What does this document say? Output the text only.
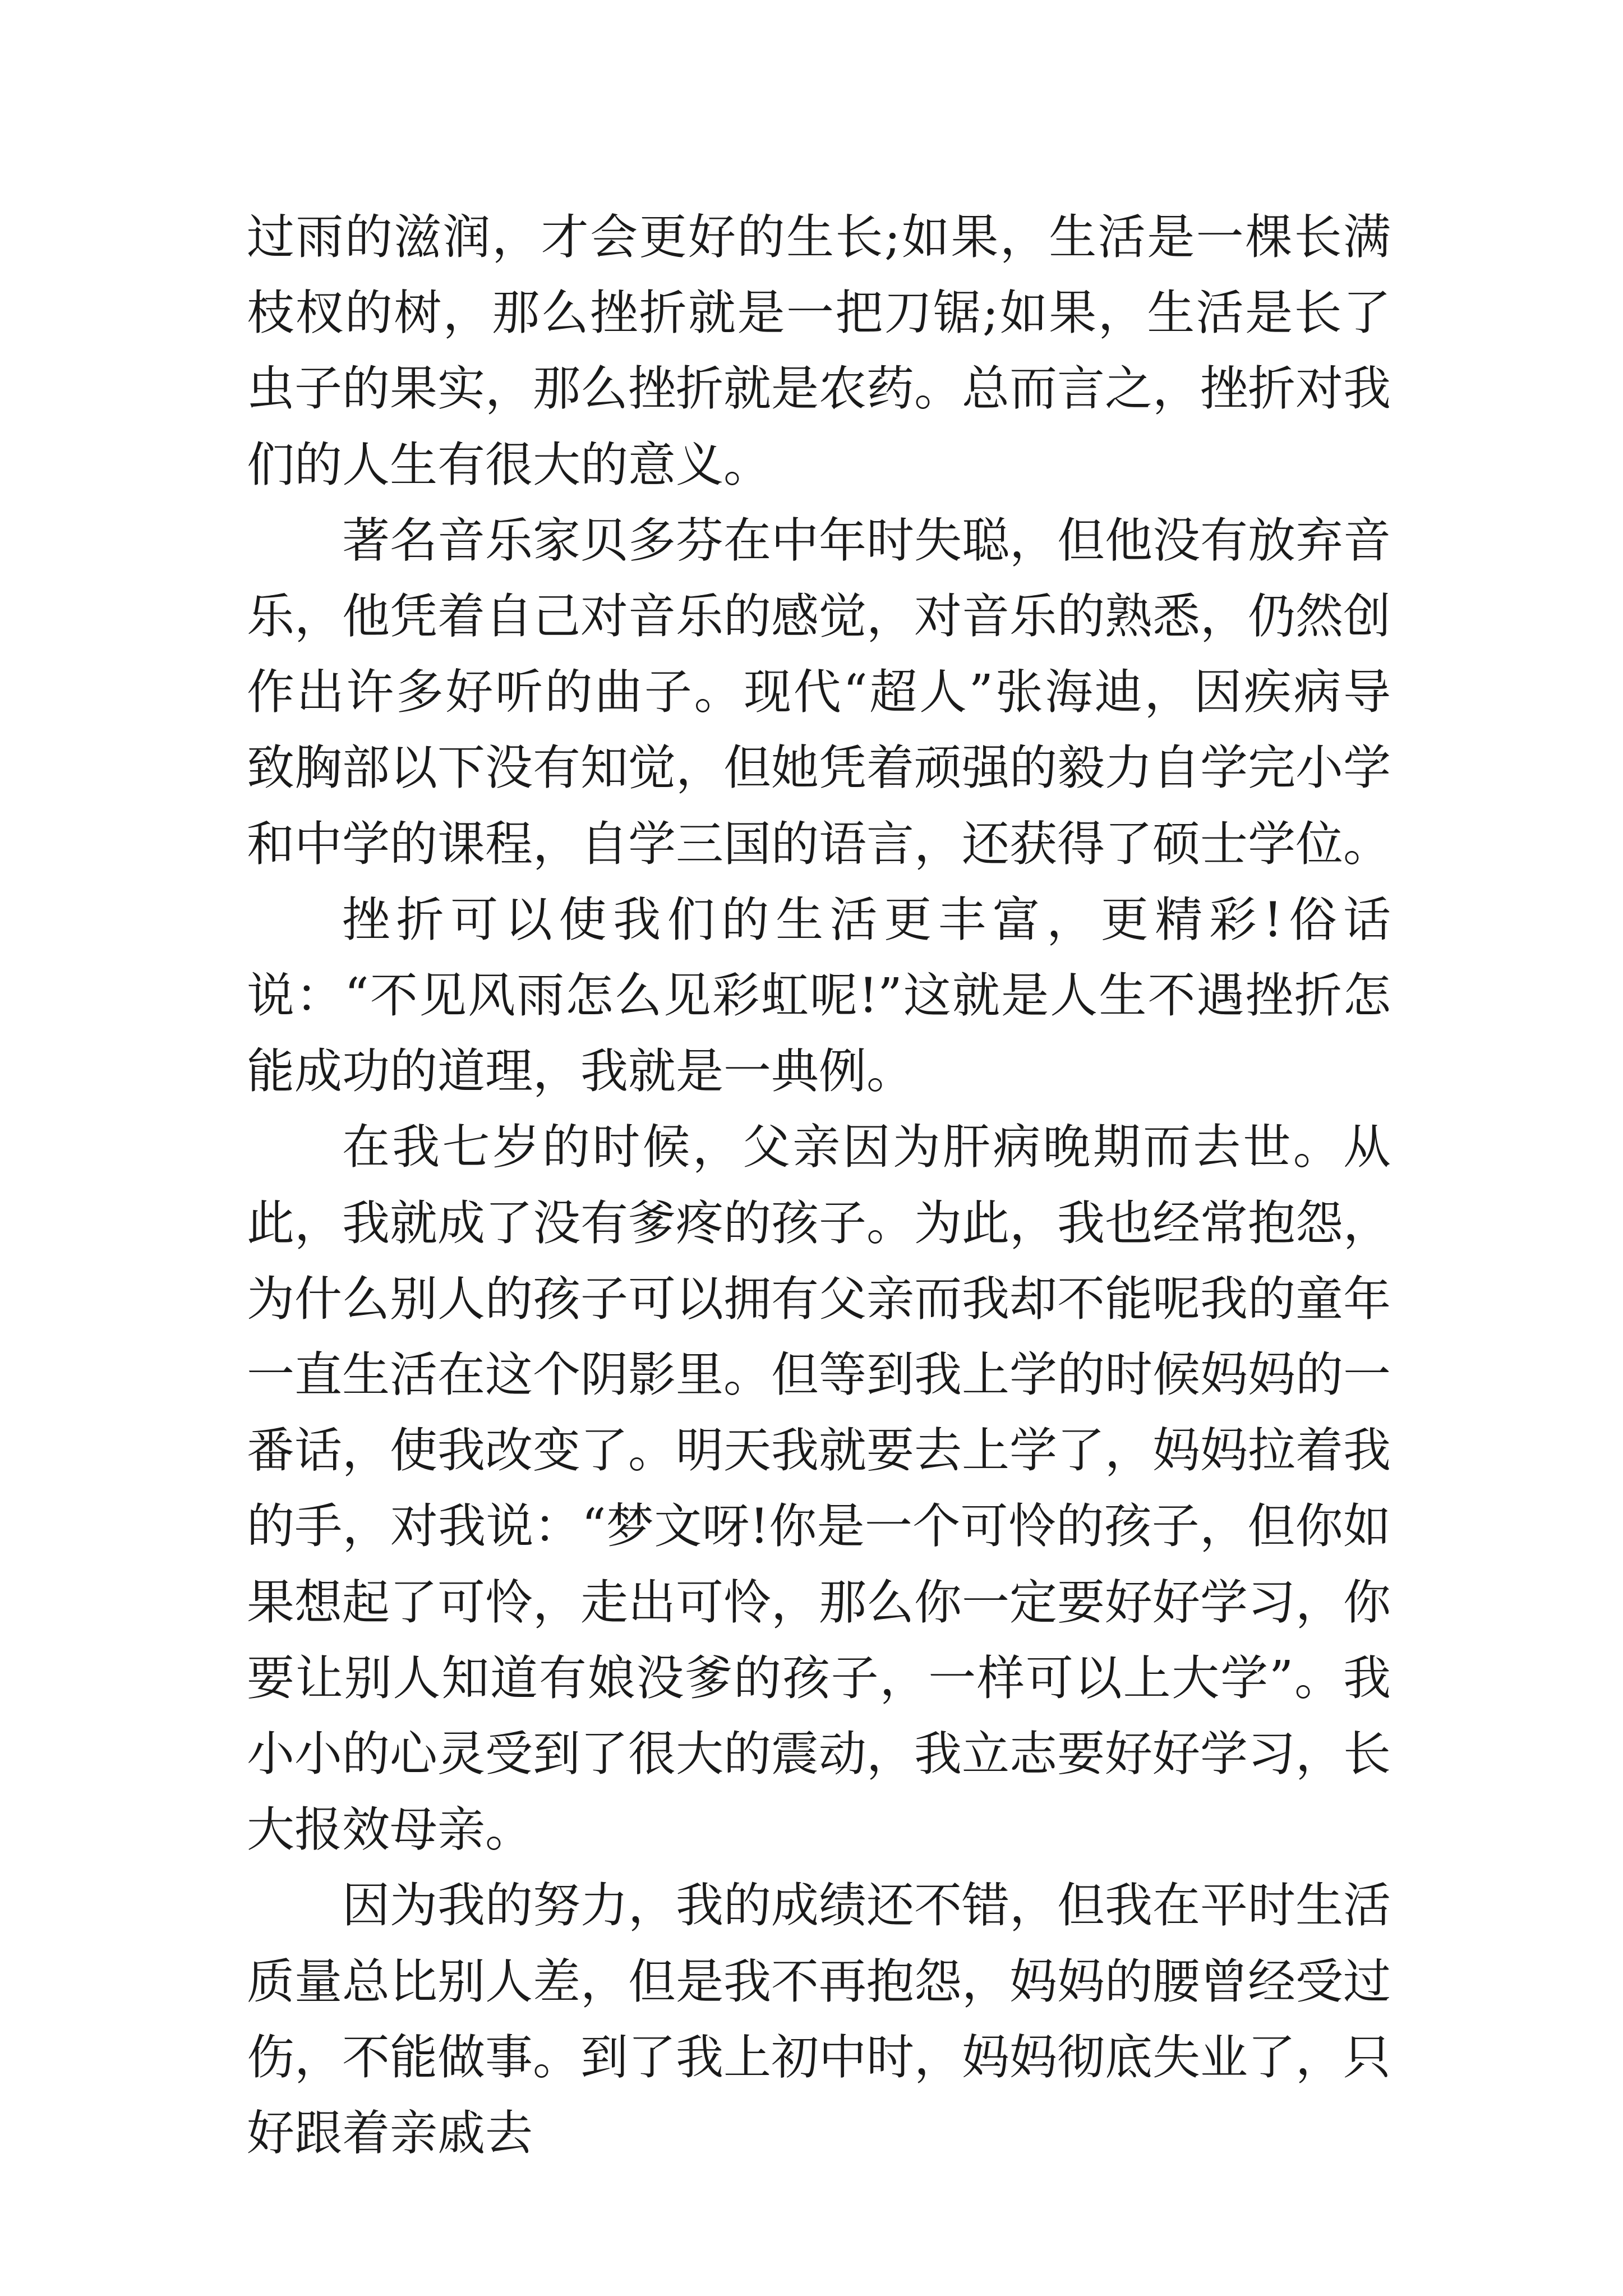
过雨的滋润，才会更好的生长;如果，生活是一棵长满枝杈的树，那么挫折就是一把刀锯;如果，生活是长了虫子的果实，那么挫折就是农药。总而言之，挫折对我们的人生有很大的意义。

著名音乐家贝多芬在中年时失聪，但他没有放弃音乐，他凭着自己对音乐的感觉，对音乐的熟悉，仍然创作出许多好听的曲子。现代“超人”张海迪，因疾病导致胸部以下没有知觉，但她凭着顽强的毅力自学完小学和中学的课程，自学三国的语言，还获得了硕士学位。

挫折可以使我们的生活更丰富，更精彩!俗话说：“不见风雨怎么见彩虹呢!”这就是人生不遇挫折怎能成功的道理，我就是一典例。

在我七岁的时候，父亲因为肝病晚期而去世。从此，我就成了没有爹疼的孩子。为此，我也经常抱怨，为什么别人的孩子可以拥有父亲而我却不能呢我的童年一直生活在这个阴影里。但等到我上学的时候妈妈的一番话，使我改变了。明天我就要去上学了，妈妈拉着我的手，对我说：“梦文呀!你是一个可怜的孩子，但你如果想起了可怜，走出可怜，那么你一定要好好学习，你要让别人知道有娘没爹的孩子，一样可以上大学”。我小小的心灵受到了很大的震动，我立志要好好学习，长大报效母亲。

因为我的努力，我的成绩还不错，但我在平时生活质量总比别人差，但是我不再抱怨，妈妈的腰曾经受过伤，不能做事。到了我上初中时，妈妈彻底失业了，只好跟着亲戚去
